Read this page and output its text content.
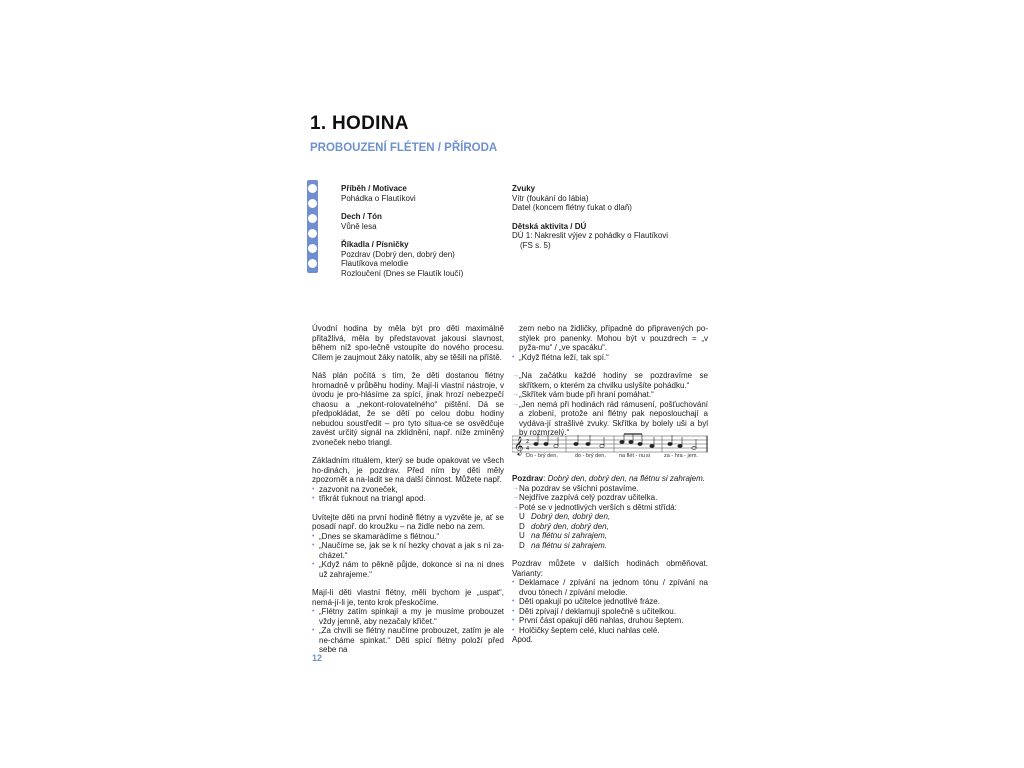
1. HODINA
PROBOUZENÍ FLÉTEN / PŘÍRODA
Příběh / Motivace
Pohádka o Flautíkovi
Dech / Tón
Vůně lesa
Říkadla / Písničky
Pozdrav (Dobrý den, dobrý den)
Flautíkova melodie
Rozloučení (Dnes se Flautík loučí)
Zvuky
Vítr (foukání do lábia)
Datel (koncem flétny ťukat o dlaň)
Dětská aktivita / DÚ
DÚ 1: Nakreslit výjev z pohádky o Flautíkovi
(FS s. 5)

Úvodní hodina by měla být pro děti maximálně přitažlivá, měla by představovat jakousi slavnost, během níž spo-lečně vstoupíte do nového procesu. Cílem je zaujmout žáky natolik, aby se těšili na příště.

Náš plán počítá s tím, že děti dostanou flétny hromadně v průběhu hodiny. Mají-li vlastní nástroje, v úvodu je pro-hlásíme za spící, jinak hrozí nebezpečí chaosu a „nekont-rolovatelného“ pištění. Dá se předpokládat, že se děti po celou dobu hodiny nebudou soustředit – pro tyto situa-ce se osvědčuje zavést určitý signál na zklidnění, např. níže zmíněný zvoneček nebo triangl.

Základním rituálem, který se bude opakovat ve všech ho-dinách, je pozdrav. Před ním by děti měly zpozornět a na-ladit se na další činnost. Můžete např.

• zazvonit na zvoneček,
• třikrát ťuknout na triangl apod.

Uvítejte děti na první hodině flétny a vyzvěte je, ať se posadí např. do kroužku – na židle nebo na zem.

• „Dnes se skamarádíme s flétnou.“
• „Naučíme se, jak se k ní hezky chovat a jak s ní za-cházet.“
• „Když nám to pěkně půjde, dokonce si na ni dnes už zahrajeme.“

Mají-li děti vlastní flétny, měli bychom je „uspat“, nemá-jí-li je, tento krok přeskočíme.

• „Flétny zatím spinkají a my je musíme probouzet vždy jemně, aby nezačaly křičet.“
• „Za chvíli se flétny naučíme probouzet, zatím je ale ne-cháme spinkat.“ Děti spící flétny položí před sebe na
zem nebo na židličky, případně do připravených po-stýlek pro panenky. Mohou být v pouzdrech = „v pyža-mu“ / „ve spacáku“.
• „Když flétna leží, tak spí.“
→ „Na začátku každé hodiny se pozdravíme se skřítkem, o kterém za chvilku uslyšíte pohádku.“
→ „Skřítek vám bude při hraní pomáhat.“
→ „Jen nemá při hodinách rád rámusení, pošťuchování a zlobení, protože ani flétny pak neposlouchají a vydáva-jí strašlivé zvuky. Skřítka by bolely uši a byl by rozmrzelý.“
𝄞 2
4
Do - brý den,	do - brý den, na flét - nu si	za - hra - jem.
Pozdrav: Dobrý den, dobrý den, na flétnu si zahrajem.
→ Na pozdrav se všichni postavíme.
→ Nejdříve zazpívá celý pozdrav učitelka.
→ Poté se v jednotlivých verších s dětmi střídá:
U Dobrý den, dobrý den,
D dobrý den, dobrý den,
U na flétnu si zahrajem,
D na flétnu si zahrajem.
Pozdrav můžete v dalších hodinách obměňovat. Varianty:
• Deklamace / zpívání na jednom tónu / zpívání na dvou tónech / zpívání melodie.
• Děti opakují po učitelce jednotlivé fráze.
• Děti zpívají / deklamují společně s učitelkou.
• První část opakují děti nahlas, druhou šeptem.
• Holčičky šeptem celé, kluci nahlas celé.
Apod.
12
